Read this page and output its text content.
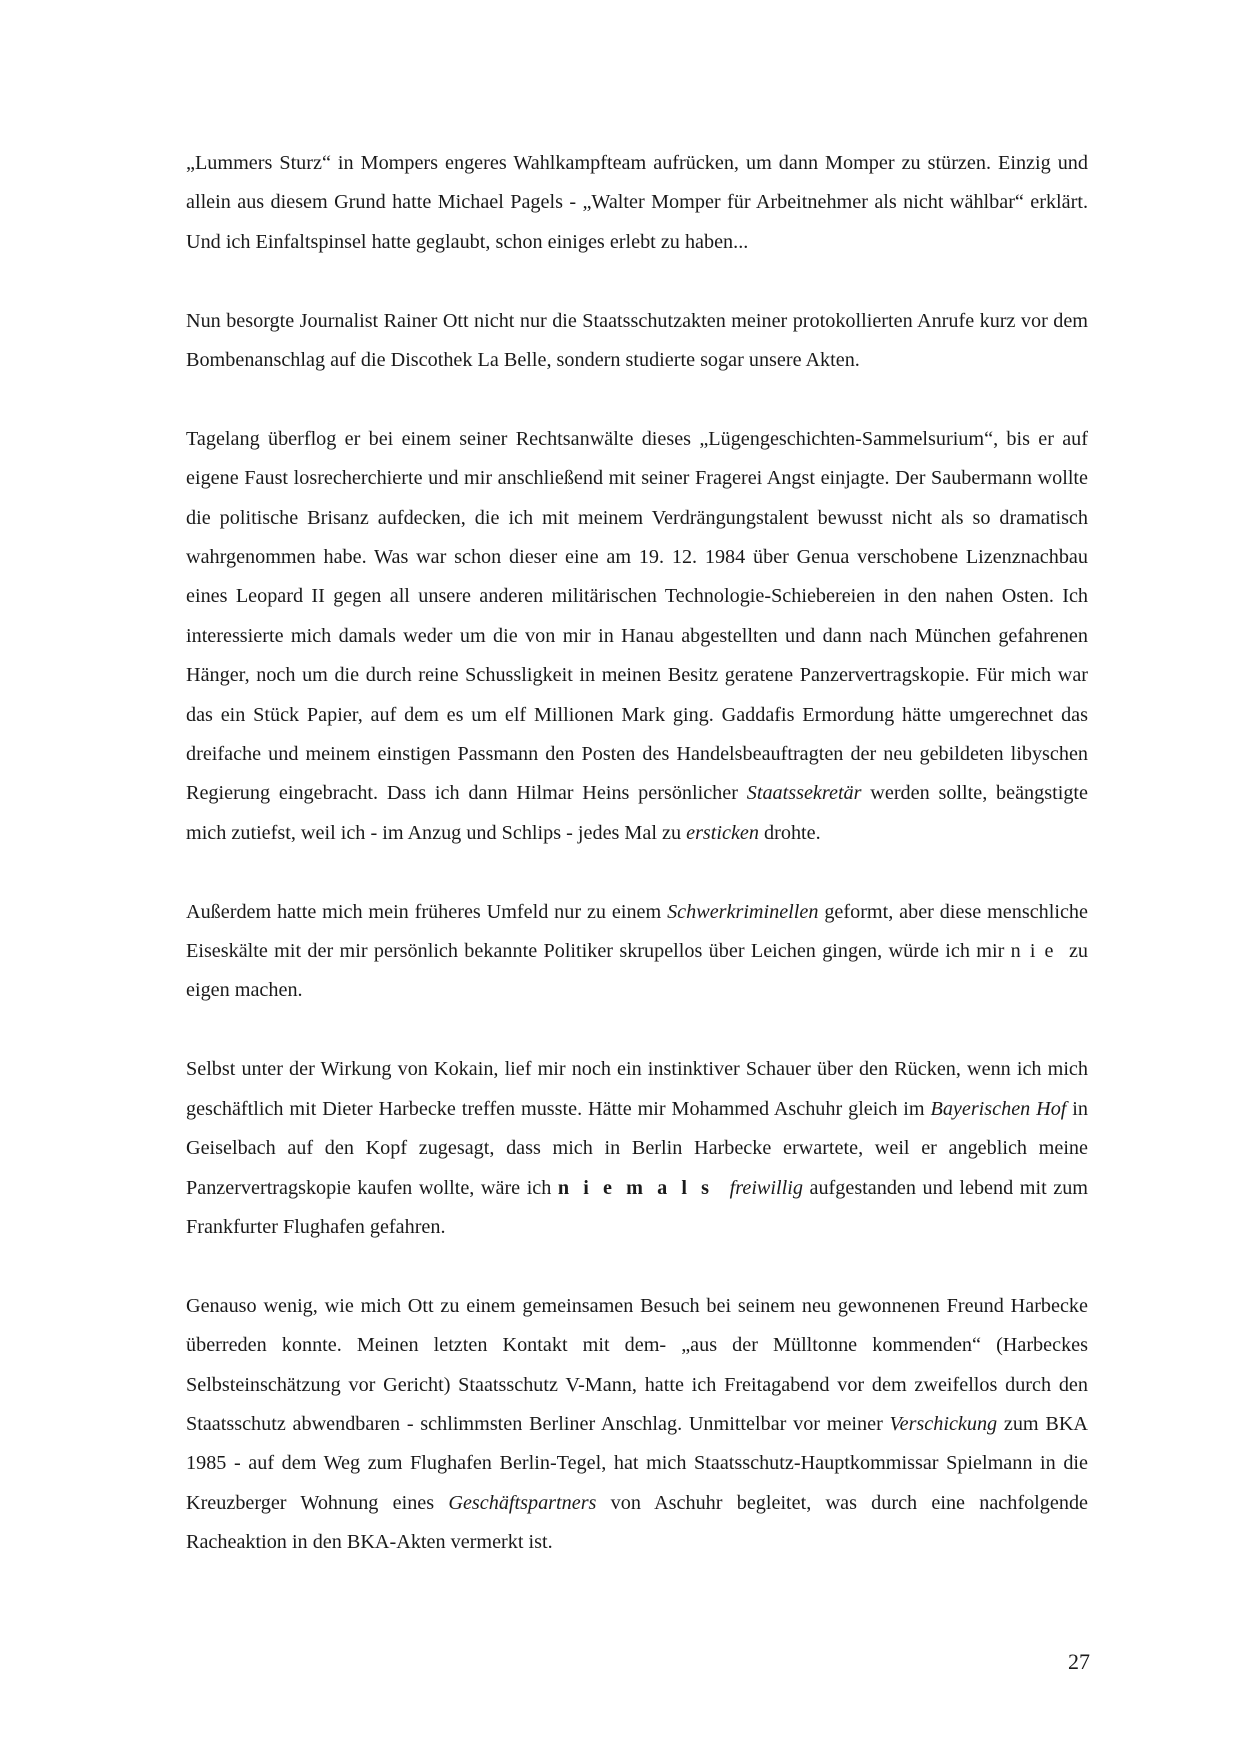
„Lummers Sturz“ in Mompers engeres Wahlkampfteam aufrücken, um dann Momper zu stürzen. Einzig und allein aus diesem Grund hatte Michael Pagels - „Walter Momper für Arbeitnehmer als nicht wählbar“ erklärt. Und ich Einfaltspinsel hatte geglaubt, schon einiges erlebt zu haben...

Nun besorgte Journalist Rainer Ott nicht nur die Staatsschutzakten meiner protokollierten Anrufe kurz vor dem Bombenanschlag auf die Discothek La Belle, sondern studierte sogar unsere Akten.

Tagelang überflog er bei einem seiner Rechtsanwälte dieses „Lügengeschichten-Sammelsurium“, bis er auf eigene Faust losrecherchierte und mir anschließend mit seiner Fragerei Angst einjagte. Der Saubermann wollte die politische Brisanz aufdecken, die ich mit meinem Verdrängungstalent bewusst nicht als so dramatisch wahrgenommen habe. Was war schon dieser eine am 19. 12. 1984 über Genua verschobene Lizenznachbau eines Leopard II gegen all unsere anderen militärischen Technologie-Schiebereien in den nahen Osten. Ich interessierte mich damals weder um die von mir in Hanau abgestellten und dann nach München gefahrenen Hänger, noch um die durch reine Schussligkeit in meinen Besitz geratene Panzervertragskopie. Für mich war das ein Stück Papier, auf dem es um elf Millionen Mark ging. Gaddafis Ermordung hätte umgerechnet das dreifache und meinem einstigen Passmann den Posten des Handelsbeauftragten der neu gebildeten libyschen Regierung eingebracht. Dass ich dann Hilmar Heins persönlicher Staatssekretär werden sollte, beängstigte mich zutiefst, weil ich - im Anzug und Schlips - jedes Mal zu ersticken drohte.

Außerdem hatte mich mein früheres Umfeld nur zu einem Schwerkriminellen geformt, aber diese menschliche Eiseskälte mit der mir persönlich bekannte Politiker skrupellos über Leichen gingen, würde ich mir nie zu eigen machen.

Selbst unter der Wirkung von Kokain, lief mir noch ein instinktiver Schauer über den Rücken, wenn ich mich geschäftlich mit Dieter Harbecke treffen musste. Hätte mir Mohammed Aschuhr gleich im Bayerischen Hof in Geiselbach auf den Kopf zugesagt, dass mich in Berlin Harbecke erwartete, weil er angeblich meine Panzervertragskopie kaufen wollte, wäre ich niemals freiwillig aufgestanden und lebend mit zum Frankfurter Flughafen gefahren.

Genauso wenig, wie mich Ott zu einem gemeinsamen Besuch bei seinem neu gewonnenen Freund Harbecke überreden konnte. Meinen letzten Kontakt mit dem- „aus der Mülltonne kommenden“ (Harbeckes Selbsteinschätzung vor Gericht) Staatsschutz V-Mann, hatte ich Freitagabend vor dem zweifellos durch den Staatsschutz abwendbaren - schlimmsten Berliner Anschlag. Unmittelbar vor meiner Verschickung zum BKA 1985 - auf dem Weg zum Flughafen Berlin-Tegel, hat mich Staatsschutz-Hauptkommissar Spielmann in die Kreuzberger Wohnung eines Geschäftspartners von Aschuhr begleitet, was durch eine nachfolgende Racheaktion in den BKA-Akten vermerkt ist.

27
